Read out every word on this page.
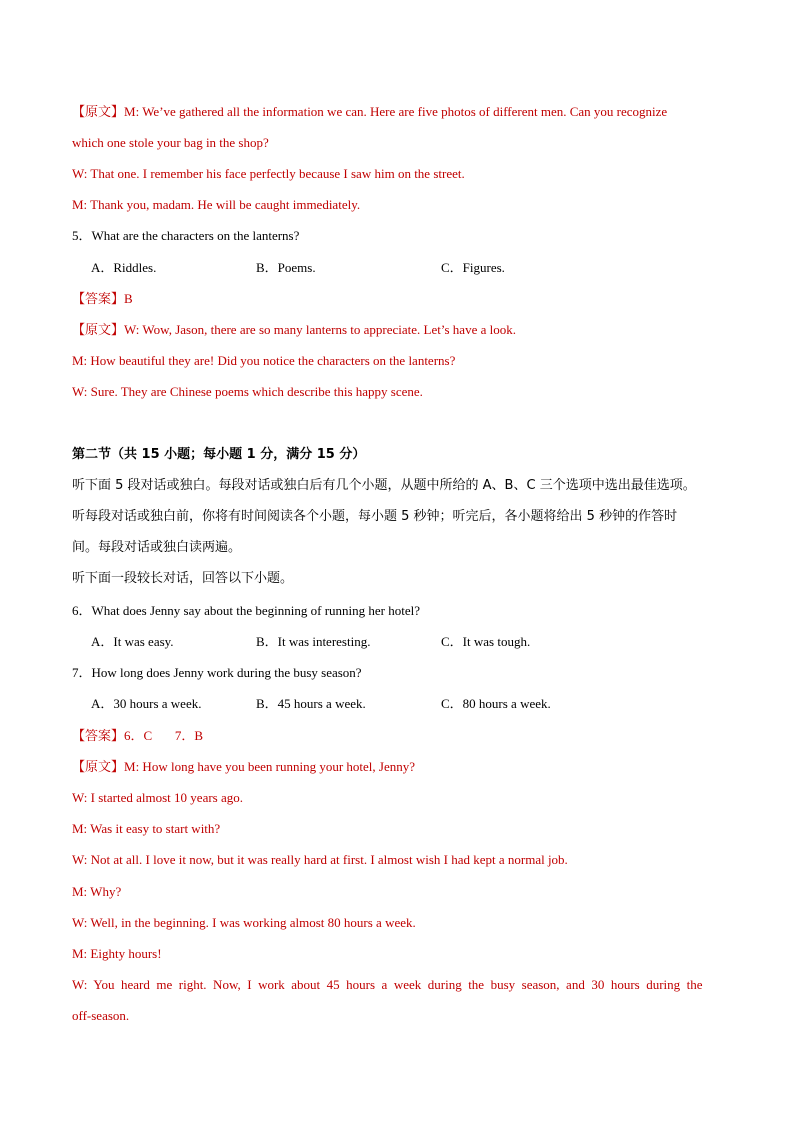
【原文】M: We’ve gathered all the information we can. Here are five photos of different men. Can you recognize
which one stole your bag in the shop?
W: That one. I remember his face perfectly because I saw him on the street.
M: Thank you, madam. He will be caught immediately.
5．What are the characters on the lanterns?
A．Riddles.	B．Poems.	C．Figures.
【答案】B
【原文】W: Wow, Jason, there are so many lanterns to appreciate. Let’s have a look.
M: How beautiful they are! Did you notice the characters on the lanterns?
W: Sure. They are Chinese poems which describe this happy scene.
第二节（共 15 小题；每小题 1 分，满分 15 分）
听下面 5 段对话或独白。每段对话或独白后有几个小题，从题中所给的 A、B、C 三个选项中选出最佳选项。
听每段对话或独白前，你将有时间阅读各个小题，每小题 5 秒钟；听完后，各小题将给出 5 秒钟的作答时
间。每段对话或独白读两遍。
听下面一段较长对话，回答以下小题。
6．What does Jenny say about the beginning of running her hotel?
A．It was easy.	B．It was interesting.	C．It was tough.
7．How long does Jenny work during the busy season?
A．30 hours a week.	B．45 hours a week.	C．80 hours a week.
【答案】6．C       7．B
【原文】M: How long have you been running your hotel, Jenny?
W: I started almost 10 years ago.
M: Was it easy to start with?
W: Not at all. I love it now, but it was really hard at first. I almost wish I had kept a normal job.
M: Why?
W: Well, in the beginning. I was working almost 80 hours a week.
M: Eighty hours!
W:  You  heard  me  right.  Now,  I  work  about  45  hours  a  week  during  the  busy  season,  and  30  hours  during  the
off-season.
